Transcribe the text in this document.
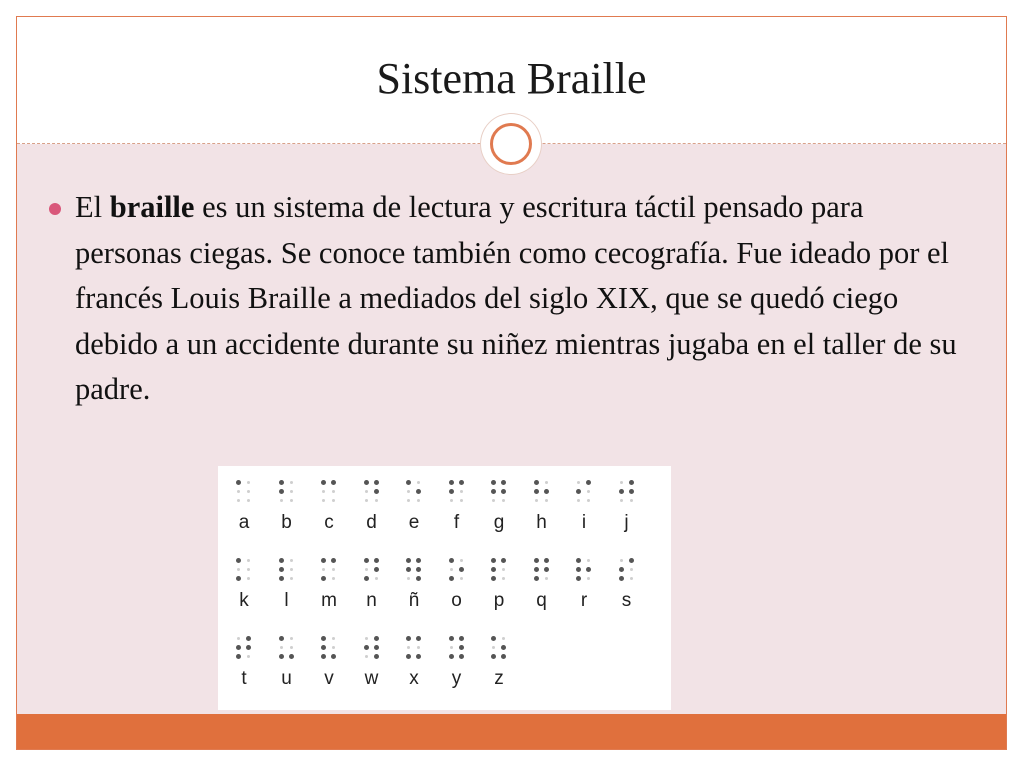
Sistema Braille
El braille es un sistema de lectura y escritura táctil pensado para personas ciegas. Se conoce también como cecografía. Fue ideado por el francés Louis Braille a mediados del siglo XIX, que se quedó ciego debido a un accidente durante su niñez mientras jugaba en el taller de su padre.
a	b	c	d	e	f	g	h	i	j
k	l	m	n	ñ	o	p	q	r	s
t	u	v	w	x	y	z
